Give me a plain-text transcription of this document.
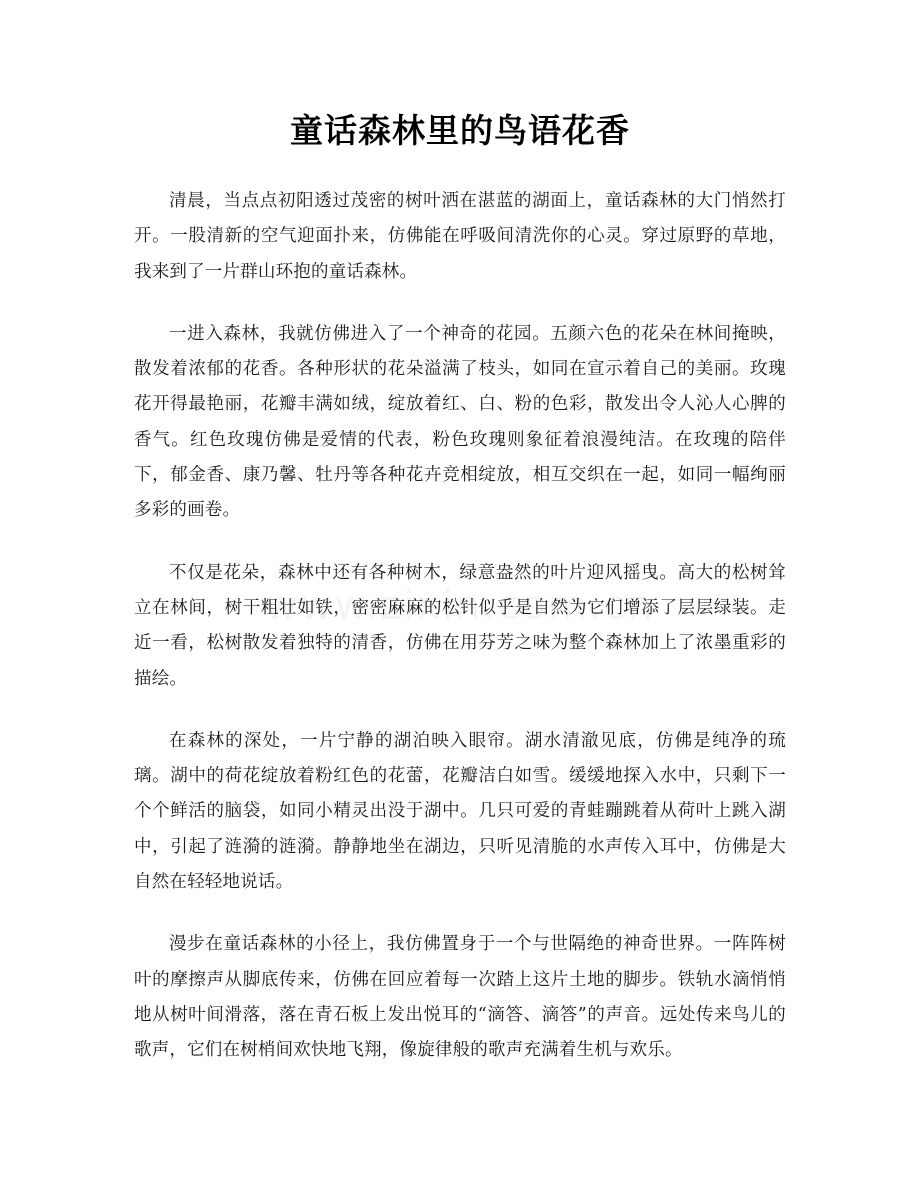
童话森林里的鸟语花香

清晨，当点点初阳透过茂密的树叶洒在湛蓝的湖面上，童话森林的大门悄然打开。一股清新的空气迎面扑来，仿佛能在呼吸间清洗你的心灵。穿过原野的草地，我来到了一片群山环抱的童话森林。

一进入森林，我就仿佛进入了一个神奇的花园。五颜六色的花朵在林间掩映，散发着浓郁的花香。各种形状的花朵溢满了枝头，如同在宣示着自己的美丽。玫瑰花开得最艳丽，花瓣丰满如绒，绽放着红、白、粉的色彩，散发出令人沁人心脾的香气。红色玫瑰仿佛是爱情的代表，粉色玫瑰则象征着浪漫纯洁。在玫瑰的陪伴下，郁金香、康乃馨、牡丹等各种花卉竞相绽放，相互交织在一起，如同一幅绚丽多彩的画卷。

不仅是花朵，森林中还有各种树木，绿意盎然的叶片迎风摇曳。高大的松树耸立在林间，树干粗壮如铁，密密麻麻的松针似乎是自然为它们增添了层层绿装。走近一看，松树散发着独特的清香，仿佛在用芬芳之味为整个森林加上了浓墨重彩的描绘。

在森林的深处，一片宁静的湖泊映入眼帘。湖水清澈见底，仿佛是纯净的琉璃。湖中的荷花绽放着粉红色的花蕾，花瓣洁白如雪。缓缓地探入水中，只剩下一个个鲜活的脑袋，如同小精灵出没于湖中。几只可爱的青蛙蹦跳着从荷叶上跳入湖中，引起了涟漪的涟漪。静静地坐在湖边，只听见清脆的水声传入耳中，仿佛是大自然在轻轻地说话。

漫步在童话森林的小径上，我仿佛置身于一个与世隔绝的神奇世界。一阵阵树叶的摩擦声从脚底传来，仿佛在回应着每一次踏上这片土地的脚步。铁轨水滴悄悄地从树叶间滑落，落在青石板上发出悦耳的“滴答、滴答”的声音。远处传来鸟儿的歌声，它们在树梢间欢快地飞翔，像旋律般的歌声充满着生机与欢乐。
